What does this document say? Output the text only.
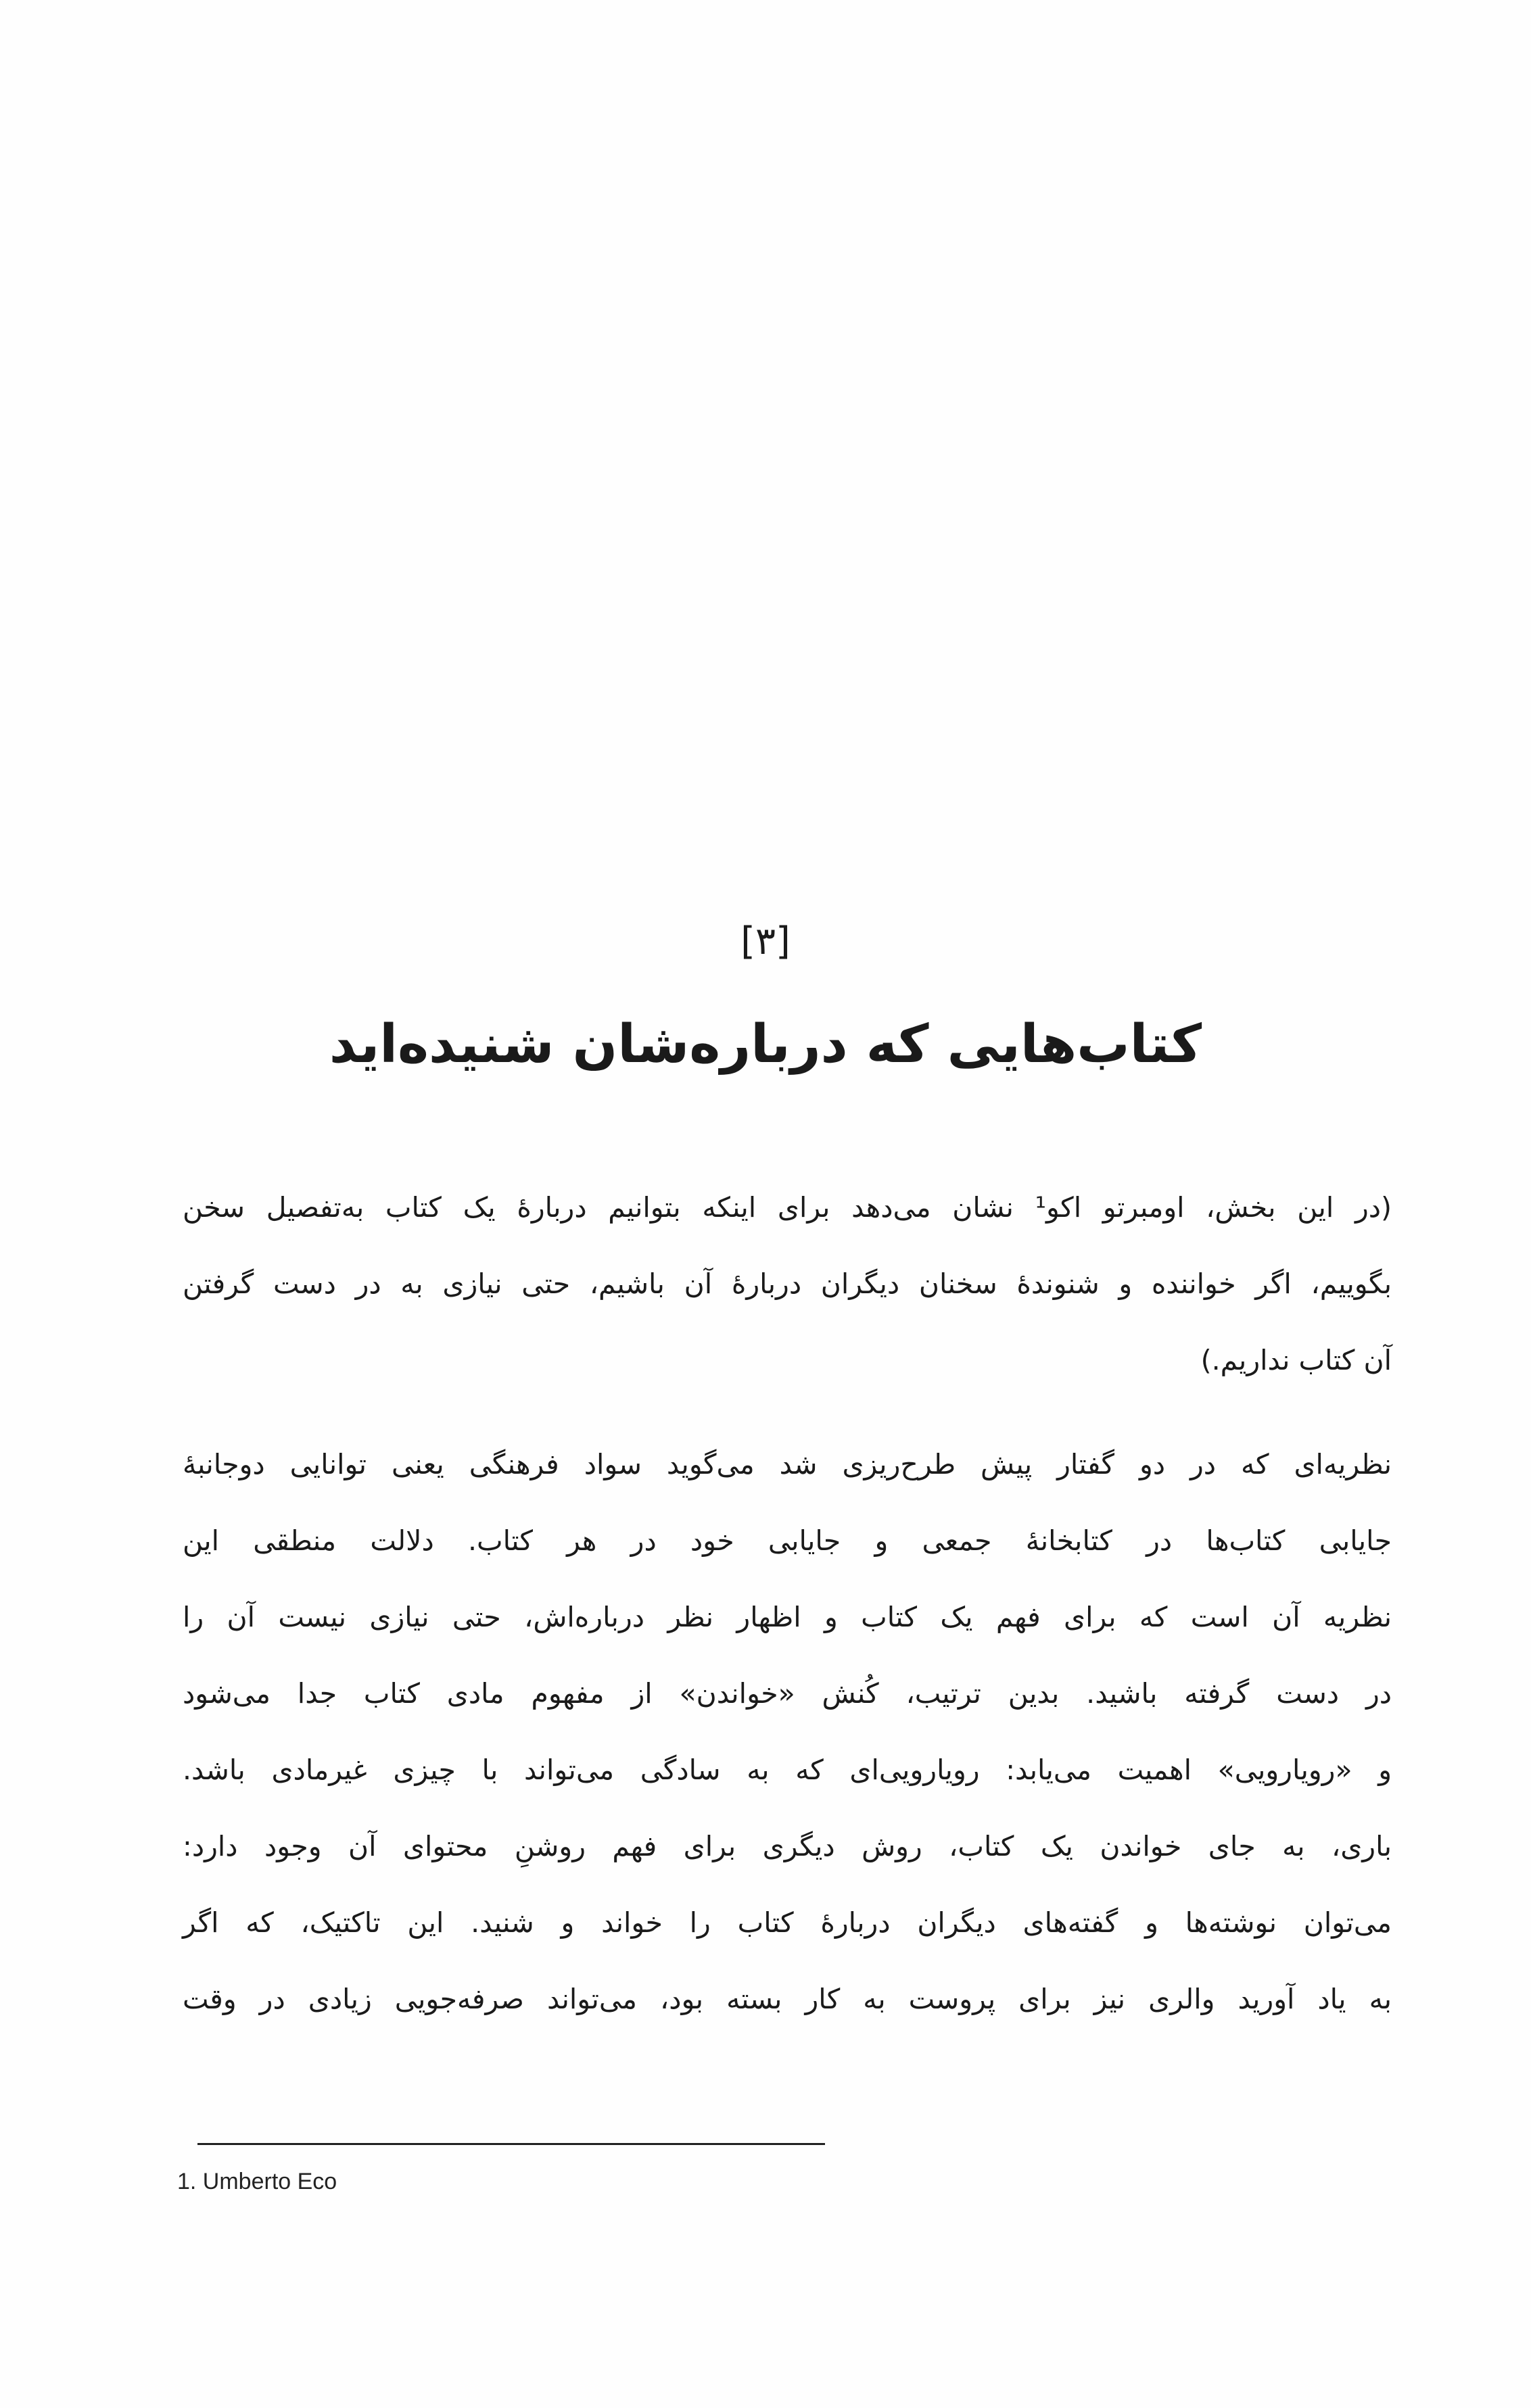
[۳]
کتاب‌هایی که درباره‌شان شنیده‌اید

(در این بخش، اومبرتو اکو¹ نشان می‌دهد برای اینکه بتوانیم دربارهٔ یک کتاب به‌تفصیل سخن

بگوییم، اگر خواننده و شنوندهٔ سخنان دیگران دربارهٔ آن باشیم، حتی نیازی به در دست گرفتن

آن کتاب نداریم.)

نظریه‌ای که در دو گفتار پیش طرح‌ریزی شد می‌گوید سواد فرهنگی یعنی توانایی دوجانبهٔ

جایابی کتاب‌ها در کتابخانهٔ جمعی و جایابی خود در هر کتاب. دلالت منطقی این

نظریه آن است که برای فهم یک کتاب و اظهار نظر درباره‌اش، حتی نیازی نیست آن را

در دست گرفته باشید. بدین ترتیب، کُنش «خواندن» از مفهوم مادی کتاب جدا می‌شود

و «رویارویی» اهمیت می‌یابد: رویارویی‌ای که به سادگی می‌تواند با چیزی غیرمادی باشد.

باری، به جای خواندن یک کتاب، روش دیگری برای فهم روشنِ محتوای آن وجود دارد:

می‌توان نوشته‌ها و گفته‌های دیگران دربارهٔ کتاب را خواند و شنید. این تاکتیک، که اگر

به یاد آورید والری نیز برای پروست به کار بسته بود، می‌تواند صرفه‌جویی زیادی در وقت

1. Umberto Eco
